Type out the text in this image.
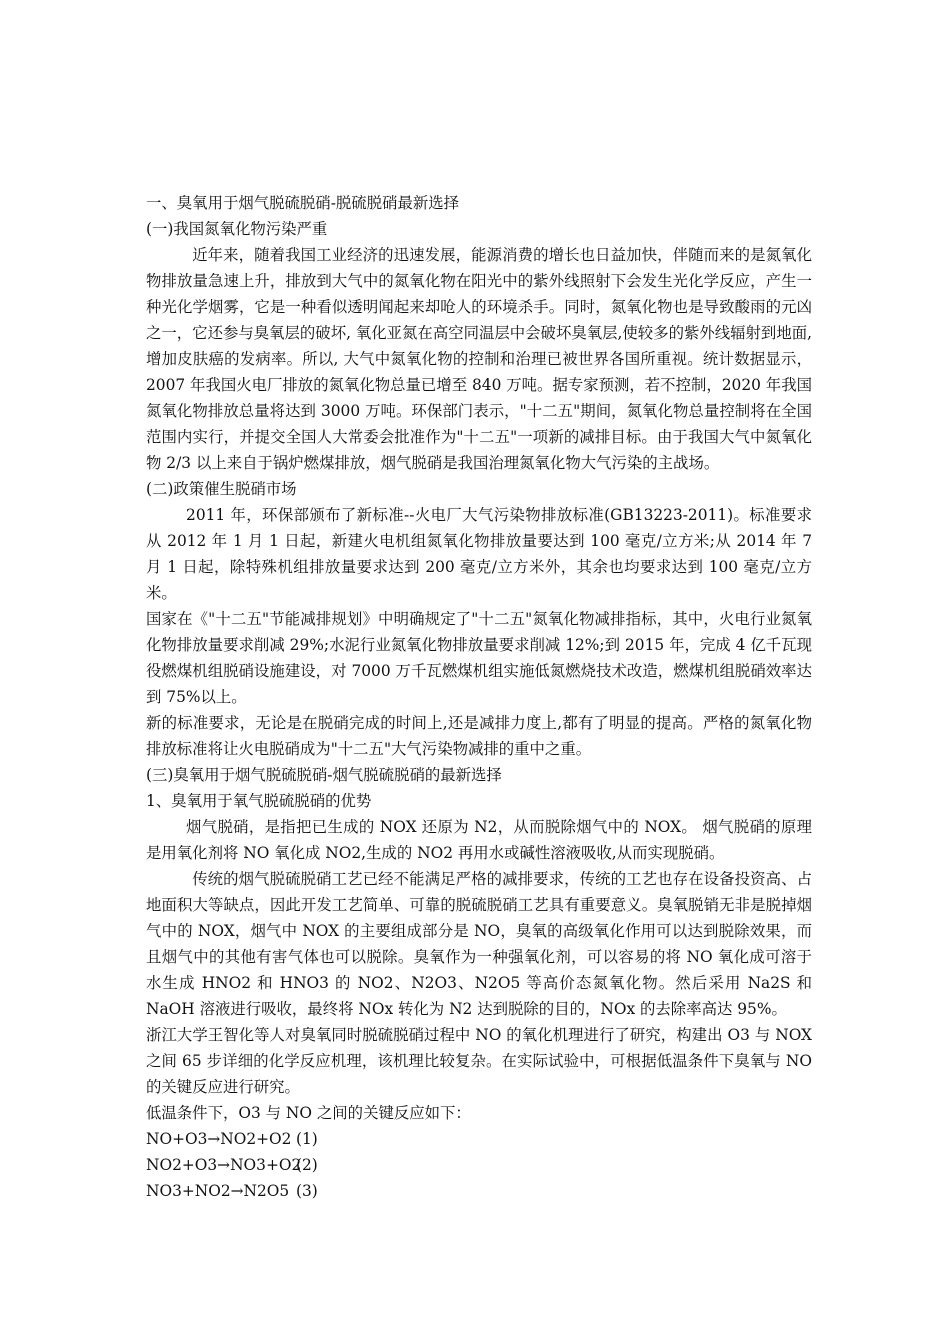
一、臭氧用于烟气脱硫脱硝-脱硫脱硝最新选择

(一)我国氮氧化物污染严重

近年来，随着我国工业经济的迅速发展，能源消费的增长也日益加快，伴随而来的是氮氧化物排放量急速上升，排放到大气中的氮氧化物在阳光中的紫外线照射下会发生光化学反应，产生一种光化学烟雾，它是一种看似透明闻起来却呛人的环境杀手。同时，氮氧化物也是导致酸雨的元凶之一，它还参与臭氧层的破坏, 氧化亚氮在高空同温层中会破坏臭氧层,使较多的紫外线辐射到地面, 增加皮肤癌的发病率。所以, 大气中氮氧化物的控制和治理已被世界各国所重视。统计数据显示，2007 年我国火电厂排放的氮氧化物总量已增至 840 万吨。据专家预测，若不控制，2020 年我国氮氧化物排放总量将达到 3000 万吨。环保部门表示，"十二五"期间，氮氧化物总量控制将在全国范围内实行，并提交全国人大常委会批准作为"十二五"一项新的减排目标。由于我国大气中氮氧化物 2/3 以上来自于锅炉燃煤排放，烟气脱硝是我国治理氮氧化物大气污染的主战场。

(二)政策催生脱硝市场

2011 年，环保部颁布了新标准--火电厂大气污染物排放标准(GB13223-2011)。标准要求从 2012 年 1 月 1 日起，新建火电机组氮氧化物排放量要达到 100 毫克/立方米;从 2014 年 7 月 1 日起，除特殊机组排放量要求达到 200 毫克/立方米外，其余也均要求达到 100 毫克/立方米。

国家在《"十二五"节能减排规划》中明确规定了"十二五"氮氧化物减排指标，其中，火电行业氮氧化物排放量要求削减 29%;水泥行业氮氧化物排放量要求削减 12%;到 2015 年，完成 4 亿千瓦现役燃煤机组脱硝设施建设，对 7000 万千瓦燃煤机组实施低氮燃烧技术改造，燃煤机组脱硝效率达到 75%以上。

新的标准要求，无论是在脱硝完成的时间上,还是减排力度上,都有了明显的提高。严格的氮氧化物排放标准将让火电脱硝成为"十二五"大气污染物减排的重中之重。

(三)臭氧用于烟气脱硫脱硝-烟气脱硫脱硝的最新选择

1、臭氧用于氧气脱硫脱硝的优势

烟气脱硝，是指把已生成的 NOX 还原为 N2，从而脱除烟气中的 NOX。 烟气脱硝的原理是用氧化剂将 NO 氧化成 NO2,生成的 NO2 再用水或碱性溶液吸收,从而实现脱硝。

传统的烟气脱硫脱硝工艺已经不能满足严格的减排要求，传统的工艺也存在设备投资高、占地面积大等缺点，因此开发工艺简单、可靠的脱硫脱硝工艺具有重要意义。臭氧脱销无非是脱掉烟气中的 NOX，烟气中 NOX 的主要组成部分是 NO，臭氧的高级氧化作用可以达到脱除效果，而且烟气中的其他有害气体也可以脱除。臭氧作为一种强氧化剂，可以容易的将 NO 氧化成可溶于水生成 HNO2 和 HNO3 的 NO2、N2O3、N2O5 等高价态氮氧化物。然后采用 Na2S 和 NaOH 溶液进行吸收，最终将 NOx 转化为 N2 达到脱除的目的，NOx 的去除率高达 95%。

浙江大学王智化等人对臭氧同时脱硫脱硝过程中 NO 的氧化机理进行了研究，构建出 O3 与 NOX 之间 65 步详细的化学反应机理，该机理比较复杂。在实际试验中，可根据低温条件下臭氧与 NO 的关键反应进行研究。

低温条件下，O3 与 NO 之间的关键反应如下：

NO+O3→NO2+O2 (1)
NO2+O3→NO3+O2
(2)
NO3+NO2→N2O5 (3)
